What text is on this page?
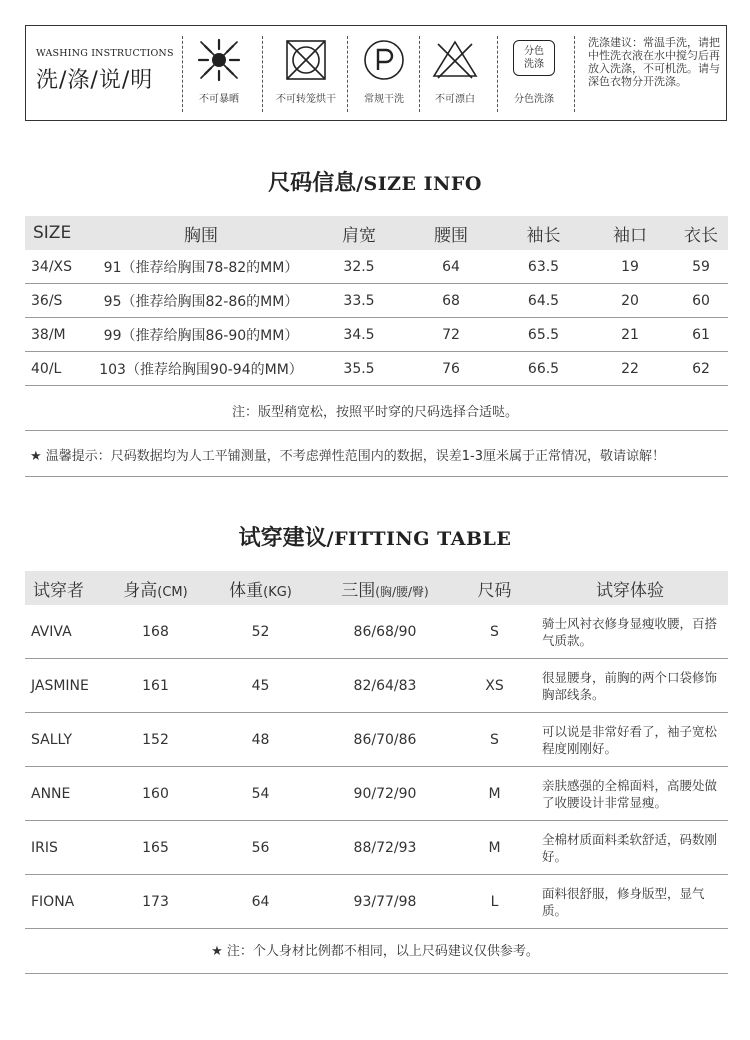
WASHING INSTRUCTIONS
洗/涤/说/明
不可暴晒	不可转笼烘干	常规干洗	不可漂白
分色
洗涤
分色洗涤
洗涤建议：常温手洗，请把中性洗衣液在水中搅匀后再放入洗涤，不可机洗。请与深色衣物分开洗涤。
尺码信息/SIZE INFO
SIZE	胸围	肩宽	腰围	袖长	袖口	衣长
34/XS	91（推荐给胸围78-82的MM）	32.5	64	63.5	19	59
36/S	95（推荐给胸围82-86的MM）	33.5	68	64.5	20	60
38/M	99（推荐给胸围86-90的MM）	34.5	72	65.5	21	61
40/L	103（推荐给胸围90-94的MM）	35.5	76	66.5	22	62
注：版型稍宽松，按照平时穿的尺码选择合适哒。
★ 温馨提示：尺码数据均为人工平铺测量，不考虑弹性范围内的数据，误差1-3厘米属于正常情况，敬请谅解！
试穿建议/FITTING TABLE
试穿者	身高(CM)	体重(KG)	三围(胸/腰/臀)	尺码	试穿体验
AVIVA	168	52	86/68/90	S	骑士风衬衣修身显瘦收腰，百搭气质款。
JASMINE	161	45	82/64/83	XS	很显腰身，前胸的两个口袋修饰胸部线条。
SALLY	152	48	86/70/86	S	可以说是非常好看了，袖子宽松程度刚刚好。
ANNE	160	54	90/72/90	M	亲肤感强的全棉面料，高腰处做了收腰设计非常显瘦。
IRIS	165	56	88/72/93	M	全棉材质面料柔软舒适，码数刚好。
FIONA	173	64	93/77/98	L	面料很舒服，修身版型，显气质。
★ 注：个人身材比例都不相同，以上尺码建议仅供参考。
